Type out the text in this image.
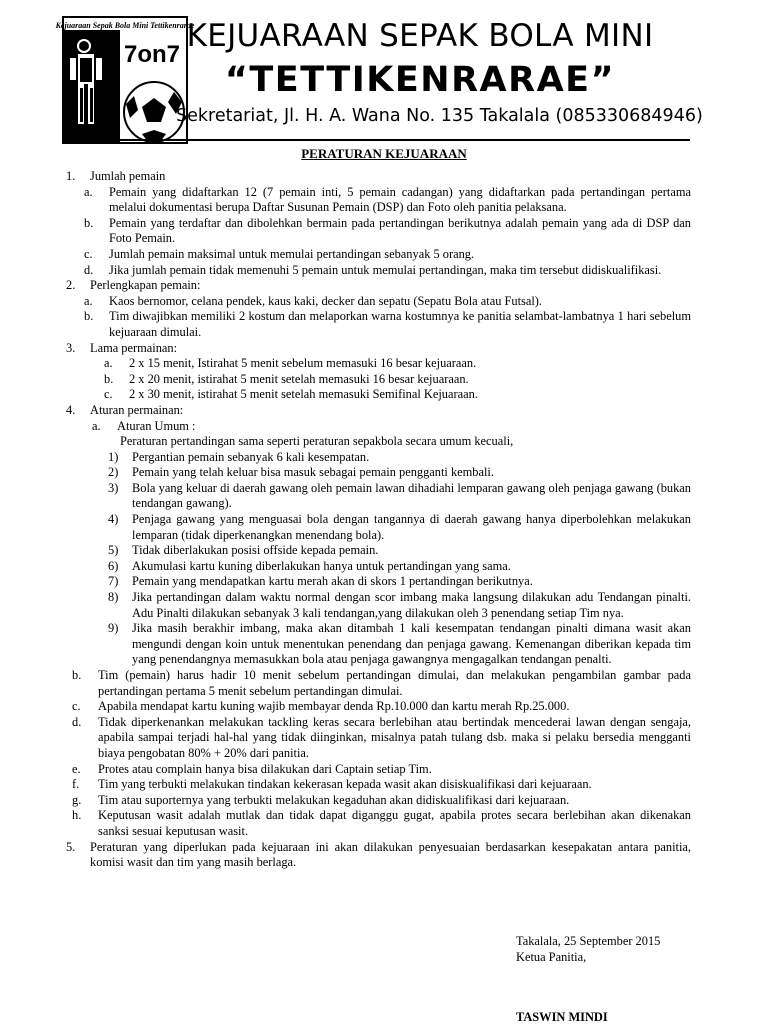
Kejuaraan Sepak Bola Mini Tettikenrarae
7on7
KEJUARAAN SEPAK BOLA MINI
“TETTIKENRARAE”
Sekretariat, Jl. H. A. Wana No. 135 Takalala (085330684946)
PERATURAN KEJUARAAN
1.	Jumlah pemain
a.	Pemain yang didaftarkan 12 (7 pemain inti, 5 pemain cadangan) yang didaftarkan pada pertandingan pertama melalui dokumentasi berupa Daftar Susunan Pemain (DSP) dan Foto oleh panitia pelaksana.
b.	Pemain yang terdaftar dan dibolehkan bermain pada pertandingan berikutnya adalah pemain yang ada di DSP dan Foto Pemain.
c.	Jumlah pemain maksimal untuk memulai pertandingan sebanyak 5 orang.
d.	Jika jumlah pemain tidak memenuhi 5 pemain untuk memulai pertandingan, maka tim tersebut didiskualifikasi.
2.	Perlengkapan pemain:
a.	Kaos bernomor, celana pendek, kaus kaki, decker dan sepatu (Sepatu Bola atau Futsal).
b.	Tim diwajibkan memiliki 2 kostum dan melaporkan warna kostumnya ke panitia selambat-lambatnya 1 hari sebelum kejuaraan dimulai.
3.	Lama permainan:
a.	2 x 15 menit, Istirahat 5 menit sebelum memasuki 16 besar kejuaraan.
b.	2 x 20 menit, istirahat 5 menit setelah memasuki 16 besar kejuaraan.
c.	2 x 30 menit, istirahat 5 menit setelah memasuki Semifinal Kejuaraan.
4.	Aturan permainan:
a.	Aturan Umum :
Peraturan pertandingan sama seperti peraturan sepakbola secara umum kecuali,
1)	Pergantian pemain sebanyak 6 kali kesempatan.
2)	Pemain yang telah keluar bisa masuk sebagai pemain pengganti kembali.
3)	Bola yang keluar di daerah gawang oleh pemain lawan dihadiahi lemparan gawang oleh penjaga gawang (bukan tendangan gawang).
4)	Penjaga gawang yang menguasai bola dengan tangannya di daerah gawang hanya diperbolehkan melakukan lemparan (tidak diperkenangkan menendang bola).
5)	Tidak diberlakukan posisi offside kepada pemain.
6)	Akumulasi kartu kuning diberlakukan hanya untuk pertandingan yang sama.
7)	Pemain yang mendapatkan kartu merah akan di skors 1 pertandingan berikutnya.
8)	Jika pertandingan dalam waktu normal dengan scor imbang maka langsung dilakukan adu Tendangan pinalti. Adu Pinalti dilakukan sebanyak 3 kali tendangan,yang dilakukan oleh 3 penendang setiap Tim nya.
9)	Jika masih berakhir imbang, maka akan ditambah 1 kali kesempatan tendangan pinalti dimana wasit akan mengundi dengan koin untuk menentukan penendang dan penjaga gawang. Kemenangan diberikan kepada tim yang penendangnya memasukkan bola atau penjaga gawangnya mengagalkan tendangan penalti.
b.	Tim (pemain) harus hadir 10 menit sebelum pertandingan dimulai, dan melakukan pengambilan gambar pada pertandingan pertama 5 menit sebelum pertandingan dimulai.
c.	Apabila mendapat kartu kuning wajib membayar denda Rp.10.000 dan kartu merah Rp.25.000.
d.	Tidak diperkenankan melakukan tackling keras secara berlebihan atau bertindak mencederai lawan dengan sengaja, apabila sampai terjadi hal-hal yang tidak diinginkan, misalnya patah tulang dsb. maka si pelaku bersedia mengganti biaya pengobatan 80% + 20% dari panitia.
e.	Protes atau complain hanya bisa dilakukan dari Captain setiap Tim.
f.	Tim yang terbukti melakukan tindakan kekerasan kepada wasit akan disiskualifikasi dari kejuaraan.
g.	Tim atau suporternya yang terbukti melakukan kegaduhan akan didiskualifikasi dari kejuaraan.
h.	Keputusan wasit adalah mutlak dan tidak dapat diganggu gugat, apabila protes secara berlebihan akan dikenakan sanksi sesuai keputusan wasit.
5.	Peraturan yang diperlukan pada kejuaraan ini akan dilakukan penyesuaian berdasarkan kesepakatan antara panitia, komisi wasit dan tim yang masih berlaga.
Takalala, 25 September 2015
Ketua Panitia,
TASWIN MINDI
